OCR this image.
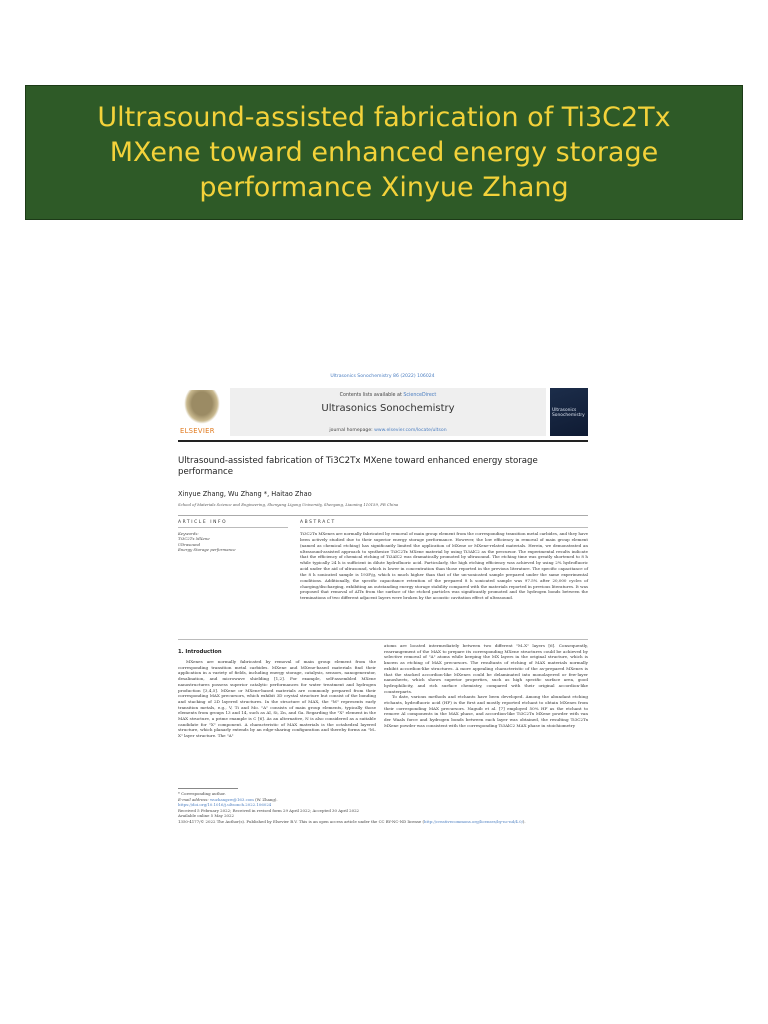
Ultrasound-assisted fabrication of Ti3C2Tx MXene toward enhanced energy storage performance Xinyue Zhang
Ultrasonics Sonochemistry 86 (2022) 106024
ELSEVIER
Contents lists available at ScienceDirect
Ultrasonics Sonochemistry
journal homepage: www.elsevier.com/locate/ultson
Ultrasonics Sonochemistry
Ultrasound-assisted fabrication of Ti3C2Tx MXene toward enhanced energy storage performance
Xinyue Zhang, Wu Zhang *, Haitao Zhao
School of Materials Science and Engineering, Shenyang Ligong University, Shenyang, Liaoning 110159, PR China
ARTICLE INFO	ABSTRACT
Keywords:
Ti3C2Tx MXene
Ultrasound
Energy Storage performance
Ti3C2Tx MXenes are normally fabricated by removal of main group element from the corresponding transition metal carbides, and they have been actively studied due to their superior energy storage performance. However, the low efficiency in removal of main group element (named as chemical etching) has significantly limited the application of MXene or MXene-related materials. Herein, we demonstrated an ultrasound-assisted approach to synthesize Ti3C2Tx MXene material by using Ti3AlC2 as the precursor. The experimental results indicate that the efficiency of chemical etching of Ti3AlC2 was dramatically promoted by ultrasound. The etching time was greatly shortened to 8 h while typically 24 h is sufficient in dilute hydrofluoric acid. Particularly, the high etching efficiency was achieved by using 2% hydrofluoric acid under the aid of ultrasound, which is lower in concentration than those reported in the previous literature. The specific capacitance of the 8 h sonicated sample is 193F/g, which is much higher than that of the un-sonicated sample prepared under the same experimental conditions. Additionally, the specific capacitance retention of the prepared 8 h sonicated sample was 97.5% after 20,000 cycles of charging/discharging, exhibiting an outstanding energy storage stability compared with the materials reported in previous literatures. It was proposed that removal of AlTx from the surface of the etched particles was significantly promoted and the hydrogen bonds between the terminations of two different adjacent layers were broken by the acoustic cavitation effect of ultrasound.
1. Introduction
MXenes are normally fabricated by removal of main group element from the corresponding transition metal carbides. MXene and MXene-based materials find their application in a variety of fields, including energy storage, catalysis, sensors, nanogenerator, desalination, and microwave shielding [1,2]. For example, self-assembled MXene nanostructures possess superior catalytic performances for water treatment and hydrogen production [3,4,5]. MXene or MXene-based materials are commonly prepared from their corresponding MAX precursors, which exhibit 3D crystal structure but consist of the bonding and stacking of 2D layered structures. In the structure of MAX, the "M" represents early transition metals, e.g., V, Ti and Mo. "A" consists of main group elements, typically those elements from groups 13 and 14, such as Al, Si, Zn, and Ga. Regarding the "X" element in the MAX structure, a prime example is C [6]. As an alternative, N is also considered as a suitable candidate for "X" component. A characteristic of MAX materials is the octahedral layered structure, which planarly extends by an edge-sharing configuration and thereby forms an "M–X" layer structure. The "A"

atoms are located intermediately between two different "M–X" layers [6]. Consequently, rearrangement of the MAX to prepare its corresponding MXene structures could be achieved by selective removal of "A" atoms while keeping the MX layers in the original structure, which is known as etching of MAX precursors. The resultants of etching of MAX materials normally exhibit accordion-like structures. A more appealing characteristic of the as-prepared MXenes is that the stacked accordion-like MXenes could be delaminated into monolayered or few-layer nanosheets, which shows superior properties, such as high specific surface area, good hydrophilicity, and rich surface chemistry, compared with their original accordion-like counterparts.

To date, various methods and etchants have been developed. Among the abundant etching etchants, hydrofluoric acid (HF) is the first and mostly reported etchant to obtain MXenes from their corresponding MAX precursors. Naguib et al. [7] employed 50% HF as the etchant to remove Al components in the MAX phase, and accordion-like Ti3C2Tx MXene powder with van der Waals force and hydrogen bonds between each layer was obtained, the resulting Ti3C2Tx MXene powder was consistent with the corresponding Ti3AlC2 MAX phase in stoichiometry

* Corresponding author.
E-mail address: wuzhangzw@163.com (W. Zhang).
https://doi.org/10.1016/j.ultsonch.2022.106024
Received 5 February 2022; Received in revised form 29 April 2022; Accepted 30 April 2022
Available online 5 May 2022
1350-4177/© 2022 The Author(s). Published by Elsevier B.V. This is an open access article under the CC BY-NC-ND license (http://creativecommons.org/licenses/by-nc-nd/4.0/).
